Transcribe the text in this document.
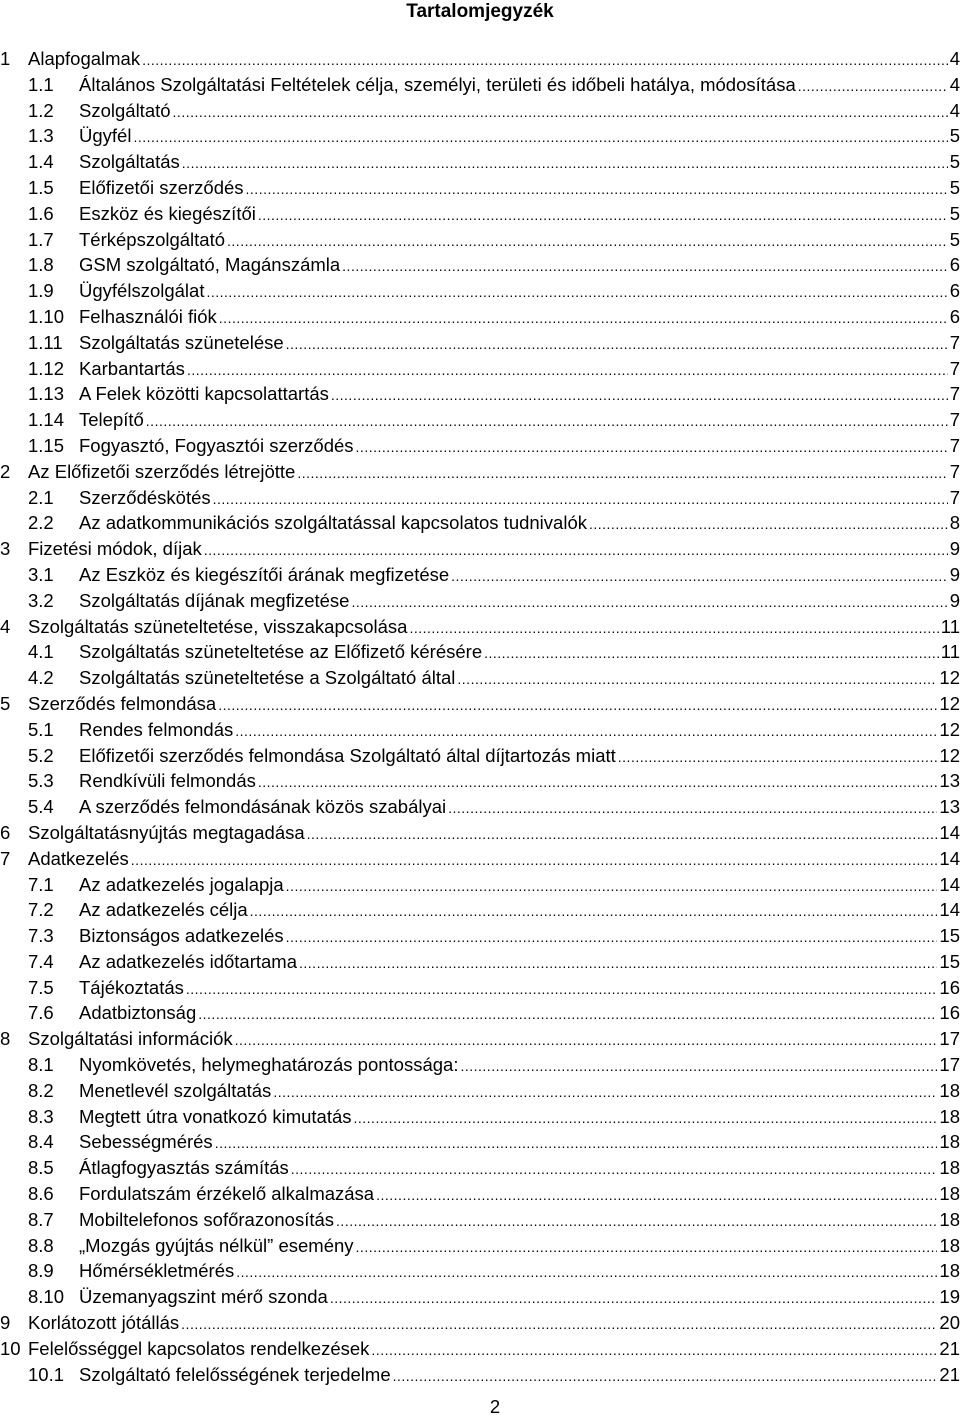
Tartalomjegyzék
1 Alapfogalmak .....	4
1.1	Általános Szolgáltatási Feltételek célja, személyi, területi és időbeli hatálya, módosítása .....	4
1.2	Szolgáltató .....	4
1.3	Ügyfél .....	5
1.4	Szolgáltatás .....	5
1.5	Előfizetői szerződés .....	5
1.6	Eszköz és kiegészítői .....	5
1.7	Térképszolgáltató .....	5
1.8	GSM szolgáltató, Magánszámla .....	6
1.9	Ügyfélszolgálat .....	6
1.10 Felhasználói fiók .....	6
1.11 Szolgáltatás szünetelése .....	7
1.12 Karbantartás .....	7
1.13 A Felek közötti kapcsolattartás .....	7
1.14 Telepítő .....	7
1.15 Fogyasztó, Fogyasztói szerződés .....	7
2 Az Előfizetői szerződés létrejötte .....	7
2.1	Szerződéskötés .....	7
2.2	Az adatkommunikációs szolgáltatással kapcsolatos tudnivalók .....	8
3 Fizetési módok, díjak .....	9
3.1	Az Eszköz és kiegészítői árának megfizetése .....	9
3.2	Szolgáltatás díjának megfizetése .....	9
4 Szolgáltatás szüneteltetése, visszakapcsolása .....	11
4.1	Szolgáltatás szüneteltetése az Előfizető kérésére .....	11
4.2	Szolgáltatás szüneteltetése a Szolgáltató által .....	12
5 Szerződés felmondása .....	12
5.1	Rendes felmondás .....	12
5.2	Előfizetői szerződés felmondása Szolgáltató által díjtartozás miatt .....	12
5.3	Rendkívüli felmondás .....	13
5.4	A szerződés felmondásának közös szabályai .....	13
6 Szolgáltatásnyújtás megtagadása .....	14
7 Adatkezelés .....	14
7.1	Az adatkezelés jogalapja .....	14
7.2	Az adatkezelés célja .....	14
7.3	Biztonságos adatkezelés .....	15
7.4	Az adatkezelés időtartama .....	15
7.5	Tájékoztatás .....	16
7.6	Adatbiztonság .....	16
8 Szolgáltatási információk .....	17
8.1	Nyomkövetés, helymeghatározás pontossága: .....	17
8.2	Menetlevél szolgáltatás .....	18
8.3	Megtett útra vonatkozó kimutatás .....	18
8.4	Sebességmérés .....	18
8.5	Átlagfogyasztás számítás .....	18
8.6	Fordulatszám érzékelő alkalmazása .....	18
8.7	Mobiltelefonos sofőrazonosítás .....	18
8.8	„Mozgás gyújtás nélkül” esemény .....	18
8.9	Hőmérsékletmérés .....	18
8.10 Üzemanyagszint mérő szonda .....	19
9 Korlátozott jótállás .....	20
10 Felelősséggel kapcsolatos rendelkezések .....	21
10.1 Szolgáltató felelősségének terjedelme .....	21
2
